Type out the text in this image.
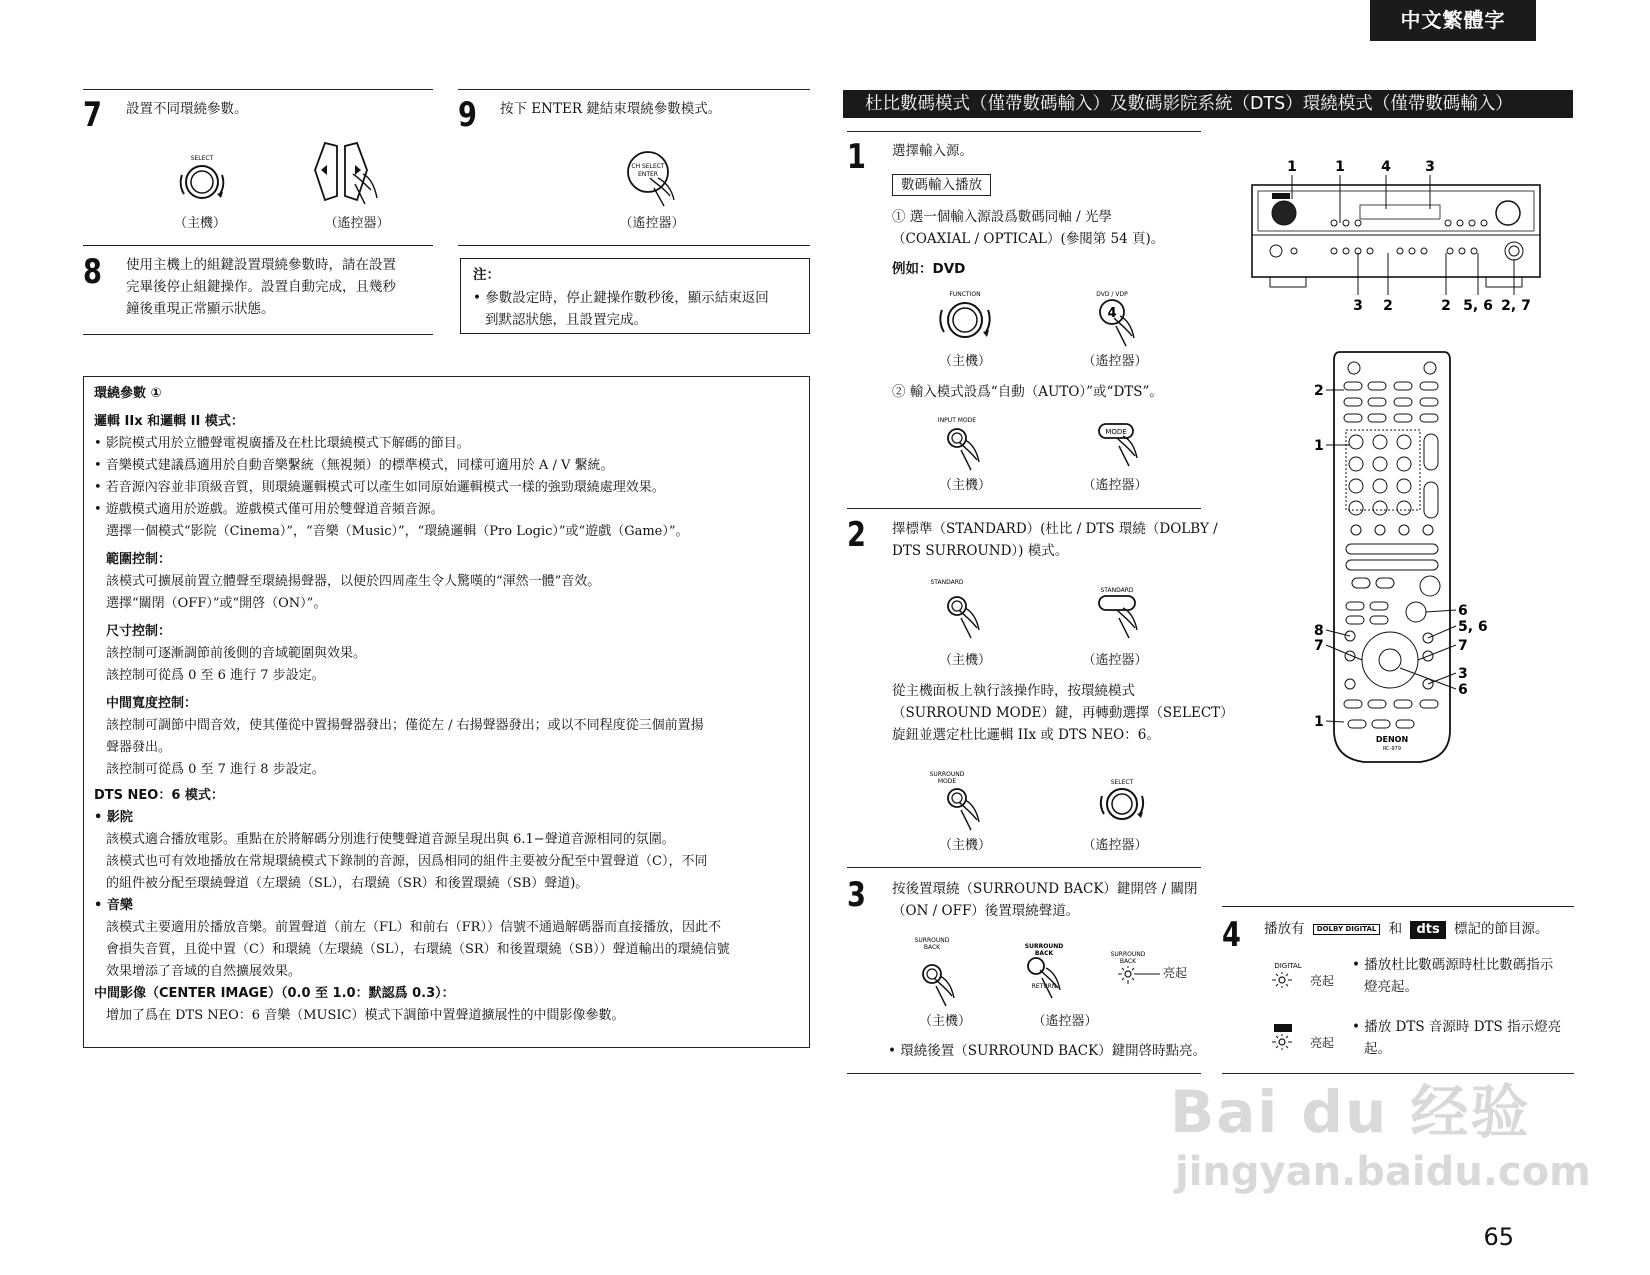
中文繁體字
7 設置不同環繞參數。
SELECT
（主機）	（遙控器）
9 按下 ENTER 鍵結束環繞參數模式。
CH SELECT
ENTER
（遙控器）
8 使用主機上的組鍵設置環繞參數時，請在設置
完畢後停止組鍵操作。設置自動完成，且幾秒
鐘後重現正常顯示狀態。
注：
• 參數設定時，停止鍵操作數秒後，顯示結束返回
到默認狀態，且設置完成。

環繞參數 ①

邏輯 IIx 和邏輯 II 模式：

• 影院模式用於立體聲電視廣播及在杜比環繞模式下解碼的節目。

• 音樂模式建議爲適用於自動音樂繫統（無視頻）的標準模式，同樣可適用於 A / V 繫統。

• 若音源內容並非頂級音質，則環繞邏輯模式可以產生如同原始邏輯模式一樣的強勁環繞處理效果。

• 遊戲模式適用於遊戲。遊戲模式僅可用於雙聲道音頻音源。

選擇一個模式“影院（Cinema）”，“音樂（Music）”，“環繞邏輯（Pro Logic）”或“遊戲（Game）”。

範圍控制：

該模式可擴展前置立體聲至環繞揚聲器，以便於四周產生令人驚嘆的“渾然一體”音效。

選擇“關閉（OFF）”或“開啓（ON）”。

尺寸控制：

該控制可逐漸調節前後側的音域範圍與效果。

該控制可從爲 0 至 6 進行 7 步設定。

中間寬度控制：

該控制可調節中間音效，使其僅從中置揚聲器發出；僅從左 / 右揚聲器發出；或以不同程度從三個前置揚

聲器發出。

該控制可從爲 0 至 7 進行 8 步設定。

DTS NEO：6 模式：

• 影院

該模式適合播放電影。重點在於將解碼分別進行使雙聲道音源呈現出與 6.1−聲道音源相同的氛圍。

該模式也可有效地播放在常規環繞模式下錄制的音源，因爲相同的組件主要被分配至中置聲道（C），不同

的組件被分配至環繞聲道（左環繞（SL），右環繞（SR）和後置環繞（SB）聲道)。

• 音樂

該模式主要適用於播放音樂。前置聲道（前左（FL）和前右（FR））信號不通過解碼器而直接播放，因此不

會損失音質，且從中置（C）和環繞（左環繞（SL），右環繞（SR）和後置環繞（SB））聲道輸出的環繞信號

效果增添了音域的自然擴展效果。

中間影像（CENTER IMAGE）（0.0 至 1.0：默認爲 0.3）：

增加了爲在 DTS NEO：6 音樂（MUSIC）模式下調節中置聲道擴展性的中間影像參數。

杜比數碼模式（僅帶數碼輸入）及數碼影院系統（DTS）環繞模式（僅帶數碼輸入）
1 選擇輸入源。
數碼輸入播放
① 選一個輸入源設爲數碼同軸 / 光學
（COAXIAL / OPTICAL）(參閱第 54 頁)。
例如：DVD
FUNCTION	DVD / VDP
4
（主機）	（遙控器）
② 輸入模式設爲“自動（AUTO）”或“DTS”。
INPUT MODE
MODE
（主機）	（遙控器）
2 擇標準（STANDARD）(杜比 / DTS 環繞（DOLBY /
DTS SURROUND）) 模式。
STANDARD
STANDARD
（主機）	（遙控器）
從主機面板上執行該操作時，按環繞模式
（SURROUND MODE）鍵，再轉動選擇（SELECT）
旋鈕並選定杜比邏輯 IIx 或 DTS NEO：6。
SURROUND
MODE	SELECT
（主機）	（遙控器）
3 按後置環繞（SURROUND BACK）鍵開啓 / 關閉
（ON / OFF）後置環繞聲道。
SURROUND
BACK	SURROUND
BACK
RETURN
SURROUND
BACK
亮起
（主機）	（遙控器）
• 環繞後置（SURROUND BACK）鍵開啓時點亮。
1	1	4 3
3 2	2 5, 6 2, 7
DENON
RC-979
2
1
8
7
1
6
5, 6
7
3
6
4 播放有 DOLBY DIGITAL 和 dts 標記的節目源。
DIGITAL
亮起
• 播放杜比數碼源時杜比數碼指示
燈亮起。
亮起
• 播放 DTS 音源時 DTS 指示燈亮
起。
Bai du 经验
jingyan.baidu.com
65
